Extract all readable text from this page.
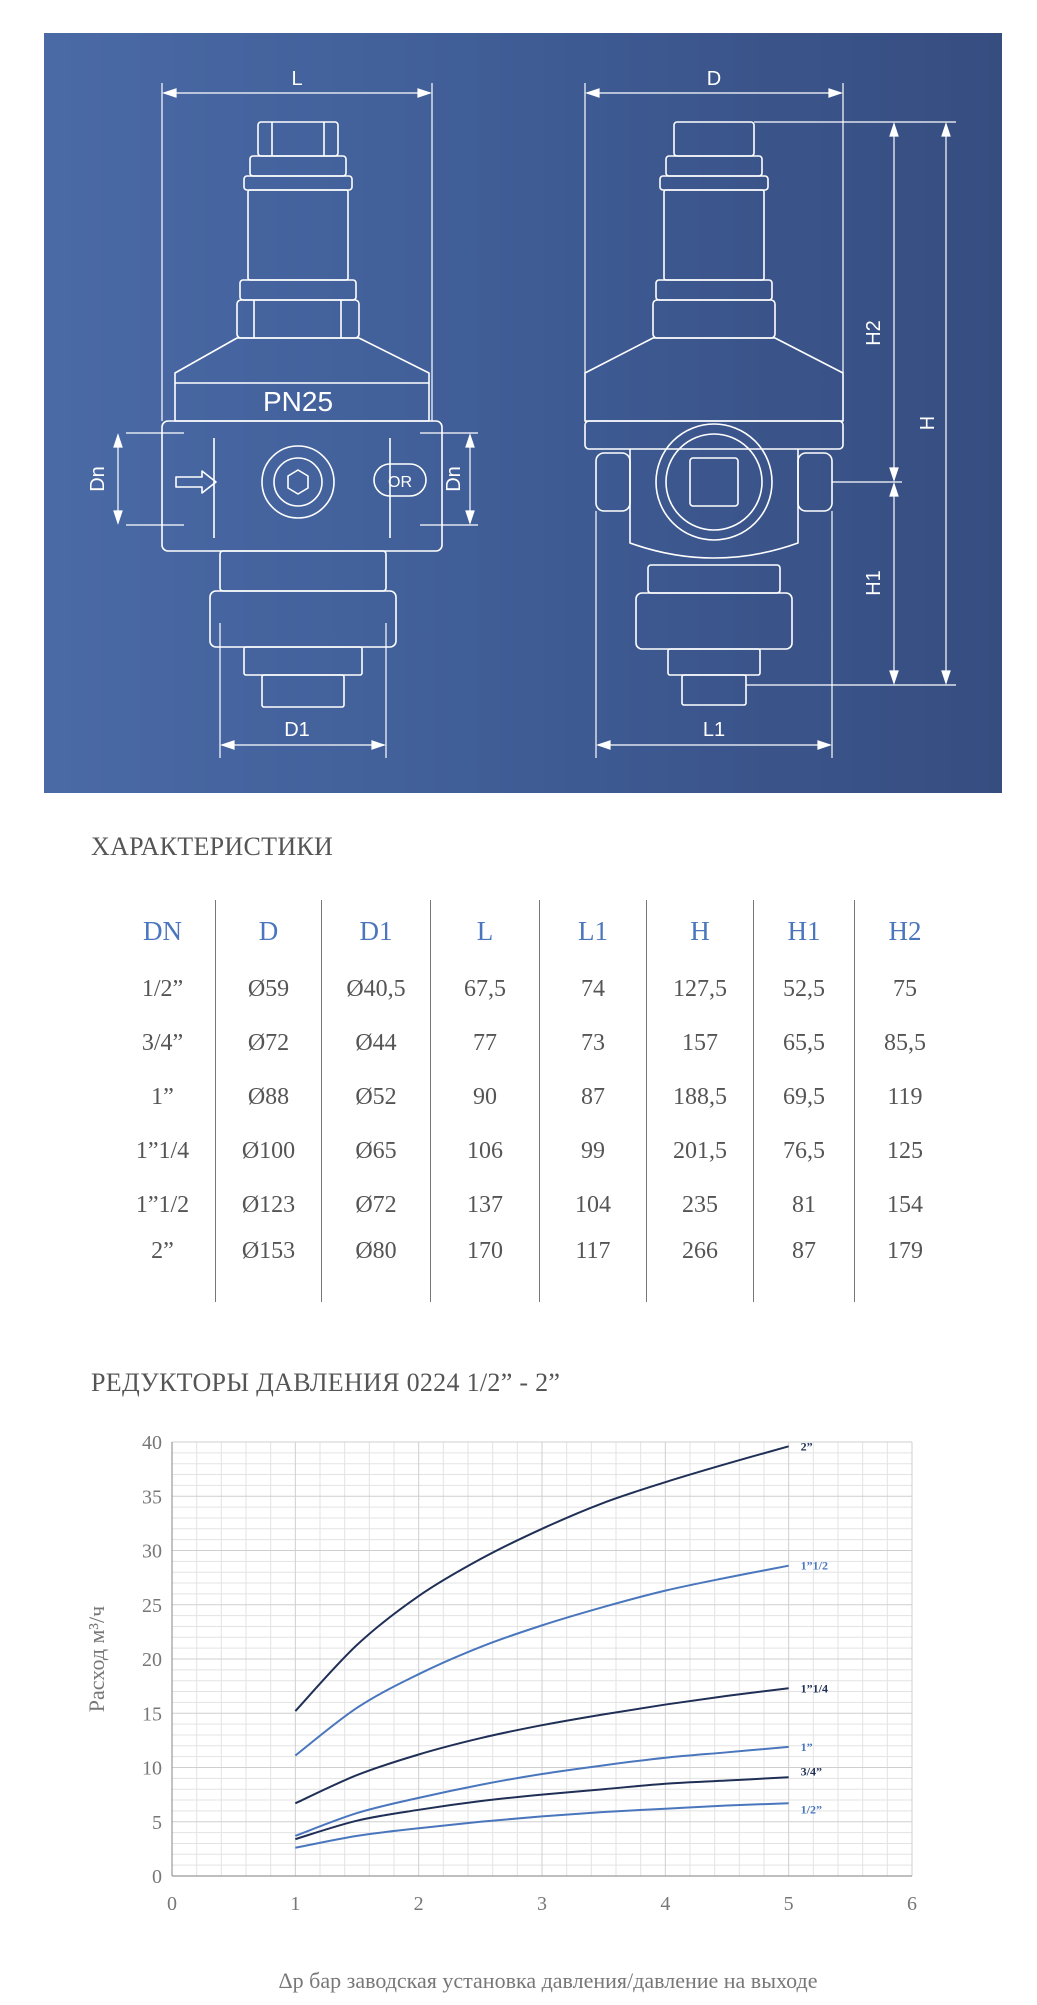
L	D
D1	L1
Dn	Dn
H2
H1
H
PN25
OR
ХАРАКТЕРИСТИКИ
DN	D	D1	L	L1	H	H1	H2
1/2”	Ø59	Ø40,5	67,5	74	127,5	52,5	75
3/4”	Ø72	Ø44	77	73	157	65,5	85,5
1”	Ø88	Ø52	90	87	188,5	69,5	119
1”1/4	Ø100	Ø65	106	99	201,5	76,5	125
1”1/2	Ø123	Ø72	137	104	235	81	154
2”	Ø153	Ø80	170	117	266	87	179
РЕДУКТОРЫ ДАВЛЕНИЯ 0224 1/2” - 2”
0	1	2	3	4	5	6
0
5
10
15
20
25
30
35
40	2”
1”1/2
1”1/4
1”
3/4”
1/2”
Δр бар заводская установка давления/давление на выходе
Расход м³/ч
